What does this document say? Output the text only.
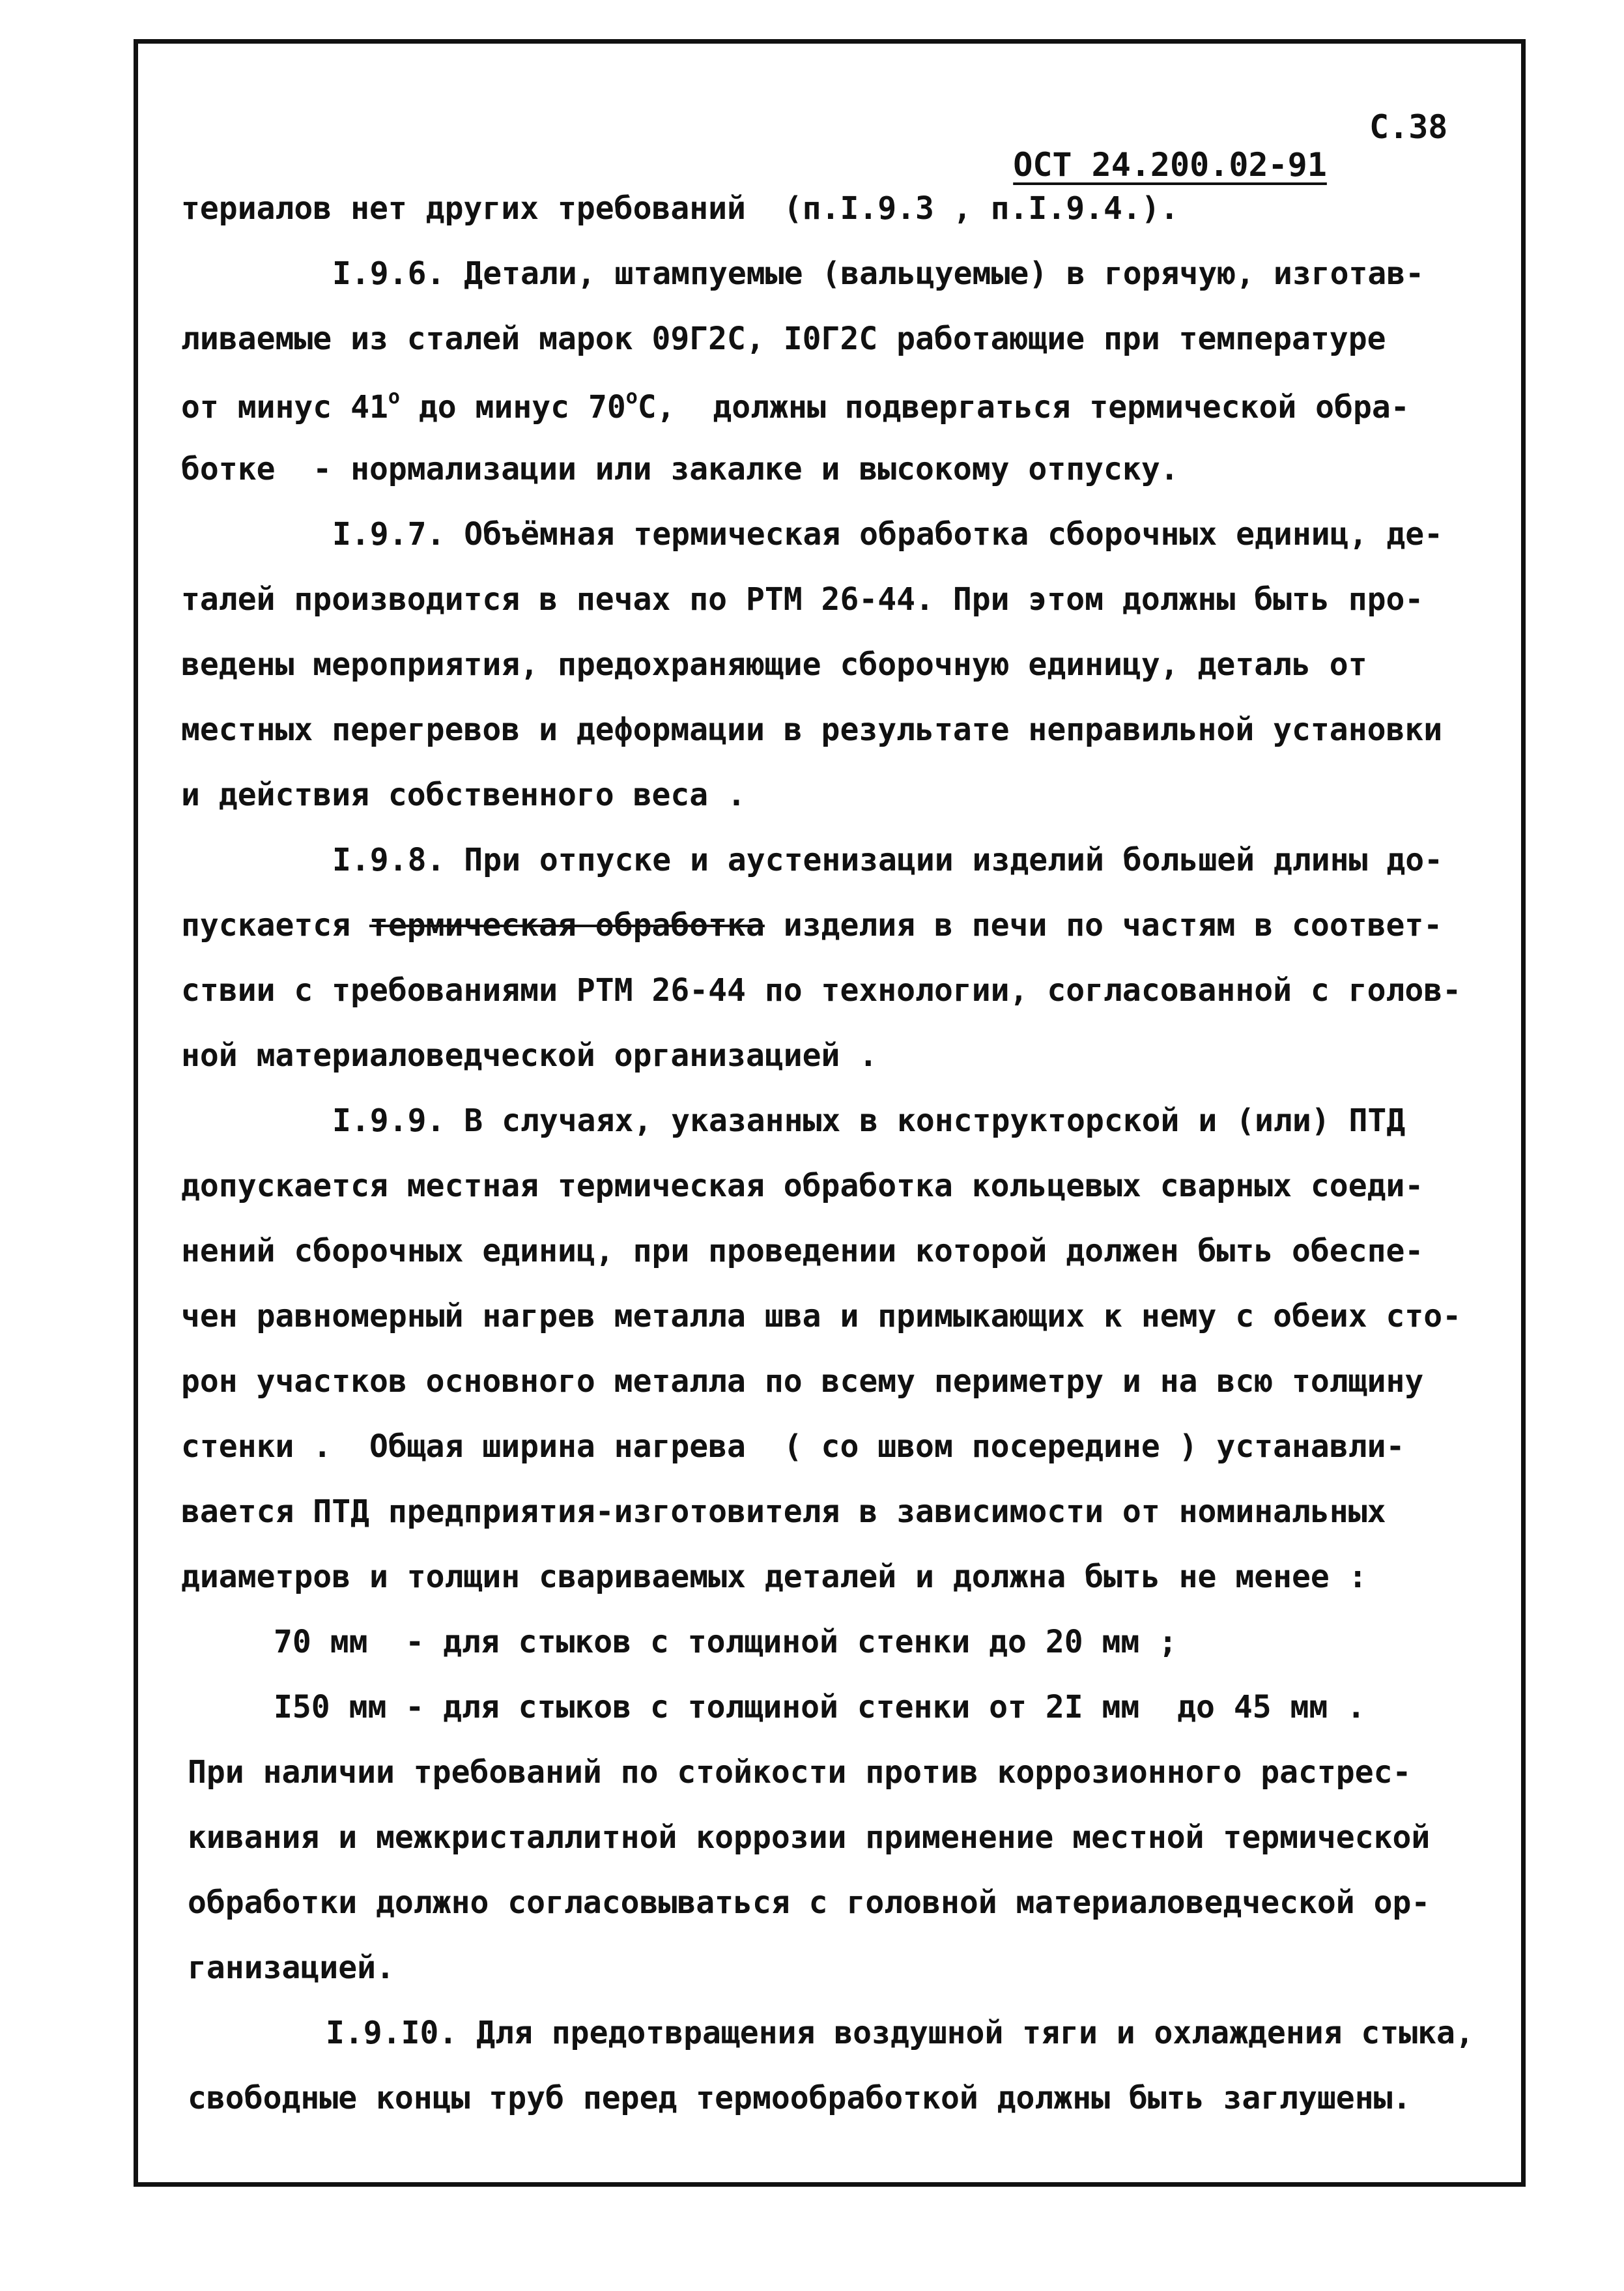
ОСТ 24.200.02-91

С.38

териалов нет других требований  (п.I.9.3 , п.I.9.4.).
I.9.6. Детали, штампуемые (вальцуемые) в горячую, изготав-
ливаемые из сталей марок 09Г2С, I0Г2С работающие при температуре
от минус 41$^o$ до минус 70$^o$С,  должны подвергаться термической обра-
ботке  - нормализации или закалке и высокому отпуску.
I.9.7. Объёмная термическая обработка сборочных единиц, де-
талей производится в печах по РТМ 26-44. При этом должны быть про-
ведены мероприятия, предохраняющие сборочную единицу, деталь от
местных перегревов и деформации в результате неправильной установки
и действия собственного веса .
I.9.8. При отпуске и аустенизации изделий большей длины до-
пускается термическая обработка изделия в печи по частям в соответ-
ствии с требованиями РТМ 26-44 по технологии, согласованной с голов-
ной материаловедческой организацией .
I.9.9. В случаях, указанных в конструкторской и (или) ПТД
допускается местная термическая обработка кольцевых сварных соеди-
нений сборочных единиц, при проведении которой должен быть обеспе-
чен равномерный нагрев металла шва и примыкающих к нему с обеих сто-
рон участков основного металла по всему периметру и на всю толщину
стенки .  Общая ширина нагрева  ( со швом посередине ) устанавли-
вается ПТД предприятия-изготовителя в зависимости от номинальных
диаметров и толщин свариваемых деталей и должна быть не менее :
70 мм  - для стыков с толщиной стенки до 20 мм ;
I50 мм - для стыков с толщиной стенки от 2I мм  до 45 мм .
При наличии требований по стойкости против коррозионного растрес-
кивания и межкристаллитной коррозии применение местной термической
обработки должно согласовываться с головной материаловедческой ор-
ганизацией.
I.9.I0. Для предотвращения воздушной тяги и охлаждения стыка,
свободные концы труб перед термообработкой должны быть заглушены.
